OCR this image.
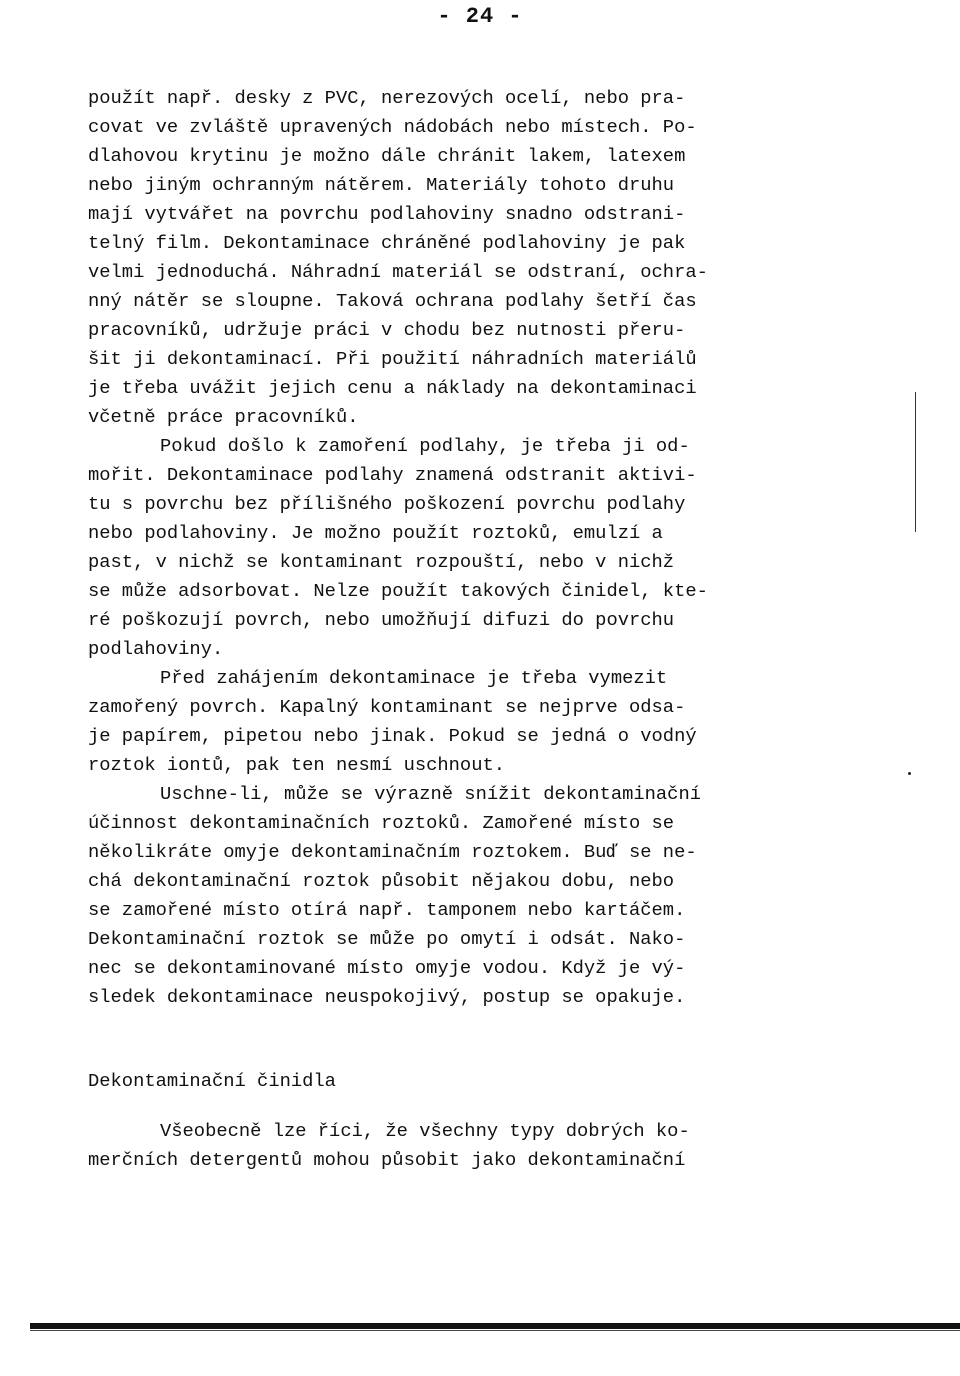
- 24 -
použít např. desky z PVC, nerezových ocelí, nebo pra-
covat ve zvláště upravených nádobách nebo místech. Po-
dlahovou krytinu je možno dále chránit lakem, latexem
nebo jiným ochranným nátěrem. Materiály tohoto druhu
mají vytvářet na povrchu podlahoviny snadno odstrani-
telný film. Dekontaminace chráněné podlahoviny je pak
velmi jednoduchá. Náhradní materiál se odstraní, ochra-
nný nátěr se sloupne. Taková ochrana podlahy šetří čas
pracovníků, udržuje práci v chodu bez nutnosti přeru-
šit ji dekontaminací. Při použití náhradních materiálů
je třeba uvážit jejich cenu a náklady na dekontaminaci
včetně práce pracovníků.
Pokud došlo k zamoření podlahy, je třeba ji od-
mořit. Dekontaminace podlahy znamená odstranit aktivi-
tu s povrchu bez přílišného poškození povrchu podlahy
nebo podlahoviny. Je možno použít roztoků, emulzí a
past, v nichž se kontaminant rozpouští, nebo v nichž
se může adsorbovat. Nelze použít takových činidel, kte-
ré poškozují povrch, nebo umožňují difuzi do povrchu
podlahoviny.
Před zahájením dekontaminace je třeba vymezit
zamořený povrch. Kapalný kontaminant se nejprve odsa-
je papírem, pipetou nebo jinak. Pokud se jedná o vodný
roztok iontů, pak ten nesmí uschnout.
Uschne-li, může se výrazně snížit dekontaminační
účinnost dekontaminačních roztoků. Zamořené místo se
několikráte omyje dekontaminačním roztokem. Buď se ne-
chá dekontaminační roztok působit nějakou dobu, nebo
se zamořené místo otírá např. tamponem nebo kartáčem.
Dekontaminační roztok se může po omytí i odsát. Nako-
nec se dekontaminované místo omyje vodou. Když je vý-
sledek dekontaminace neuspokojivý, postup se opakuje.
Dekontaminační činidla
Všeobecně lze říci, že všechny typy dobrých ko-
merčních detergentů mohou působit jako dekontaminační
